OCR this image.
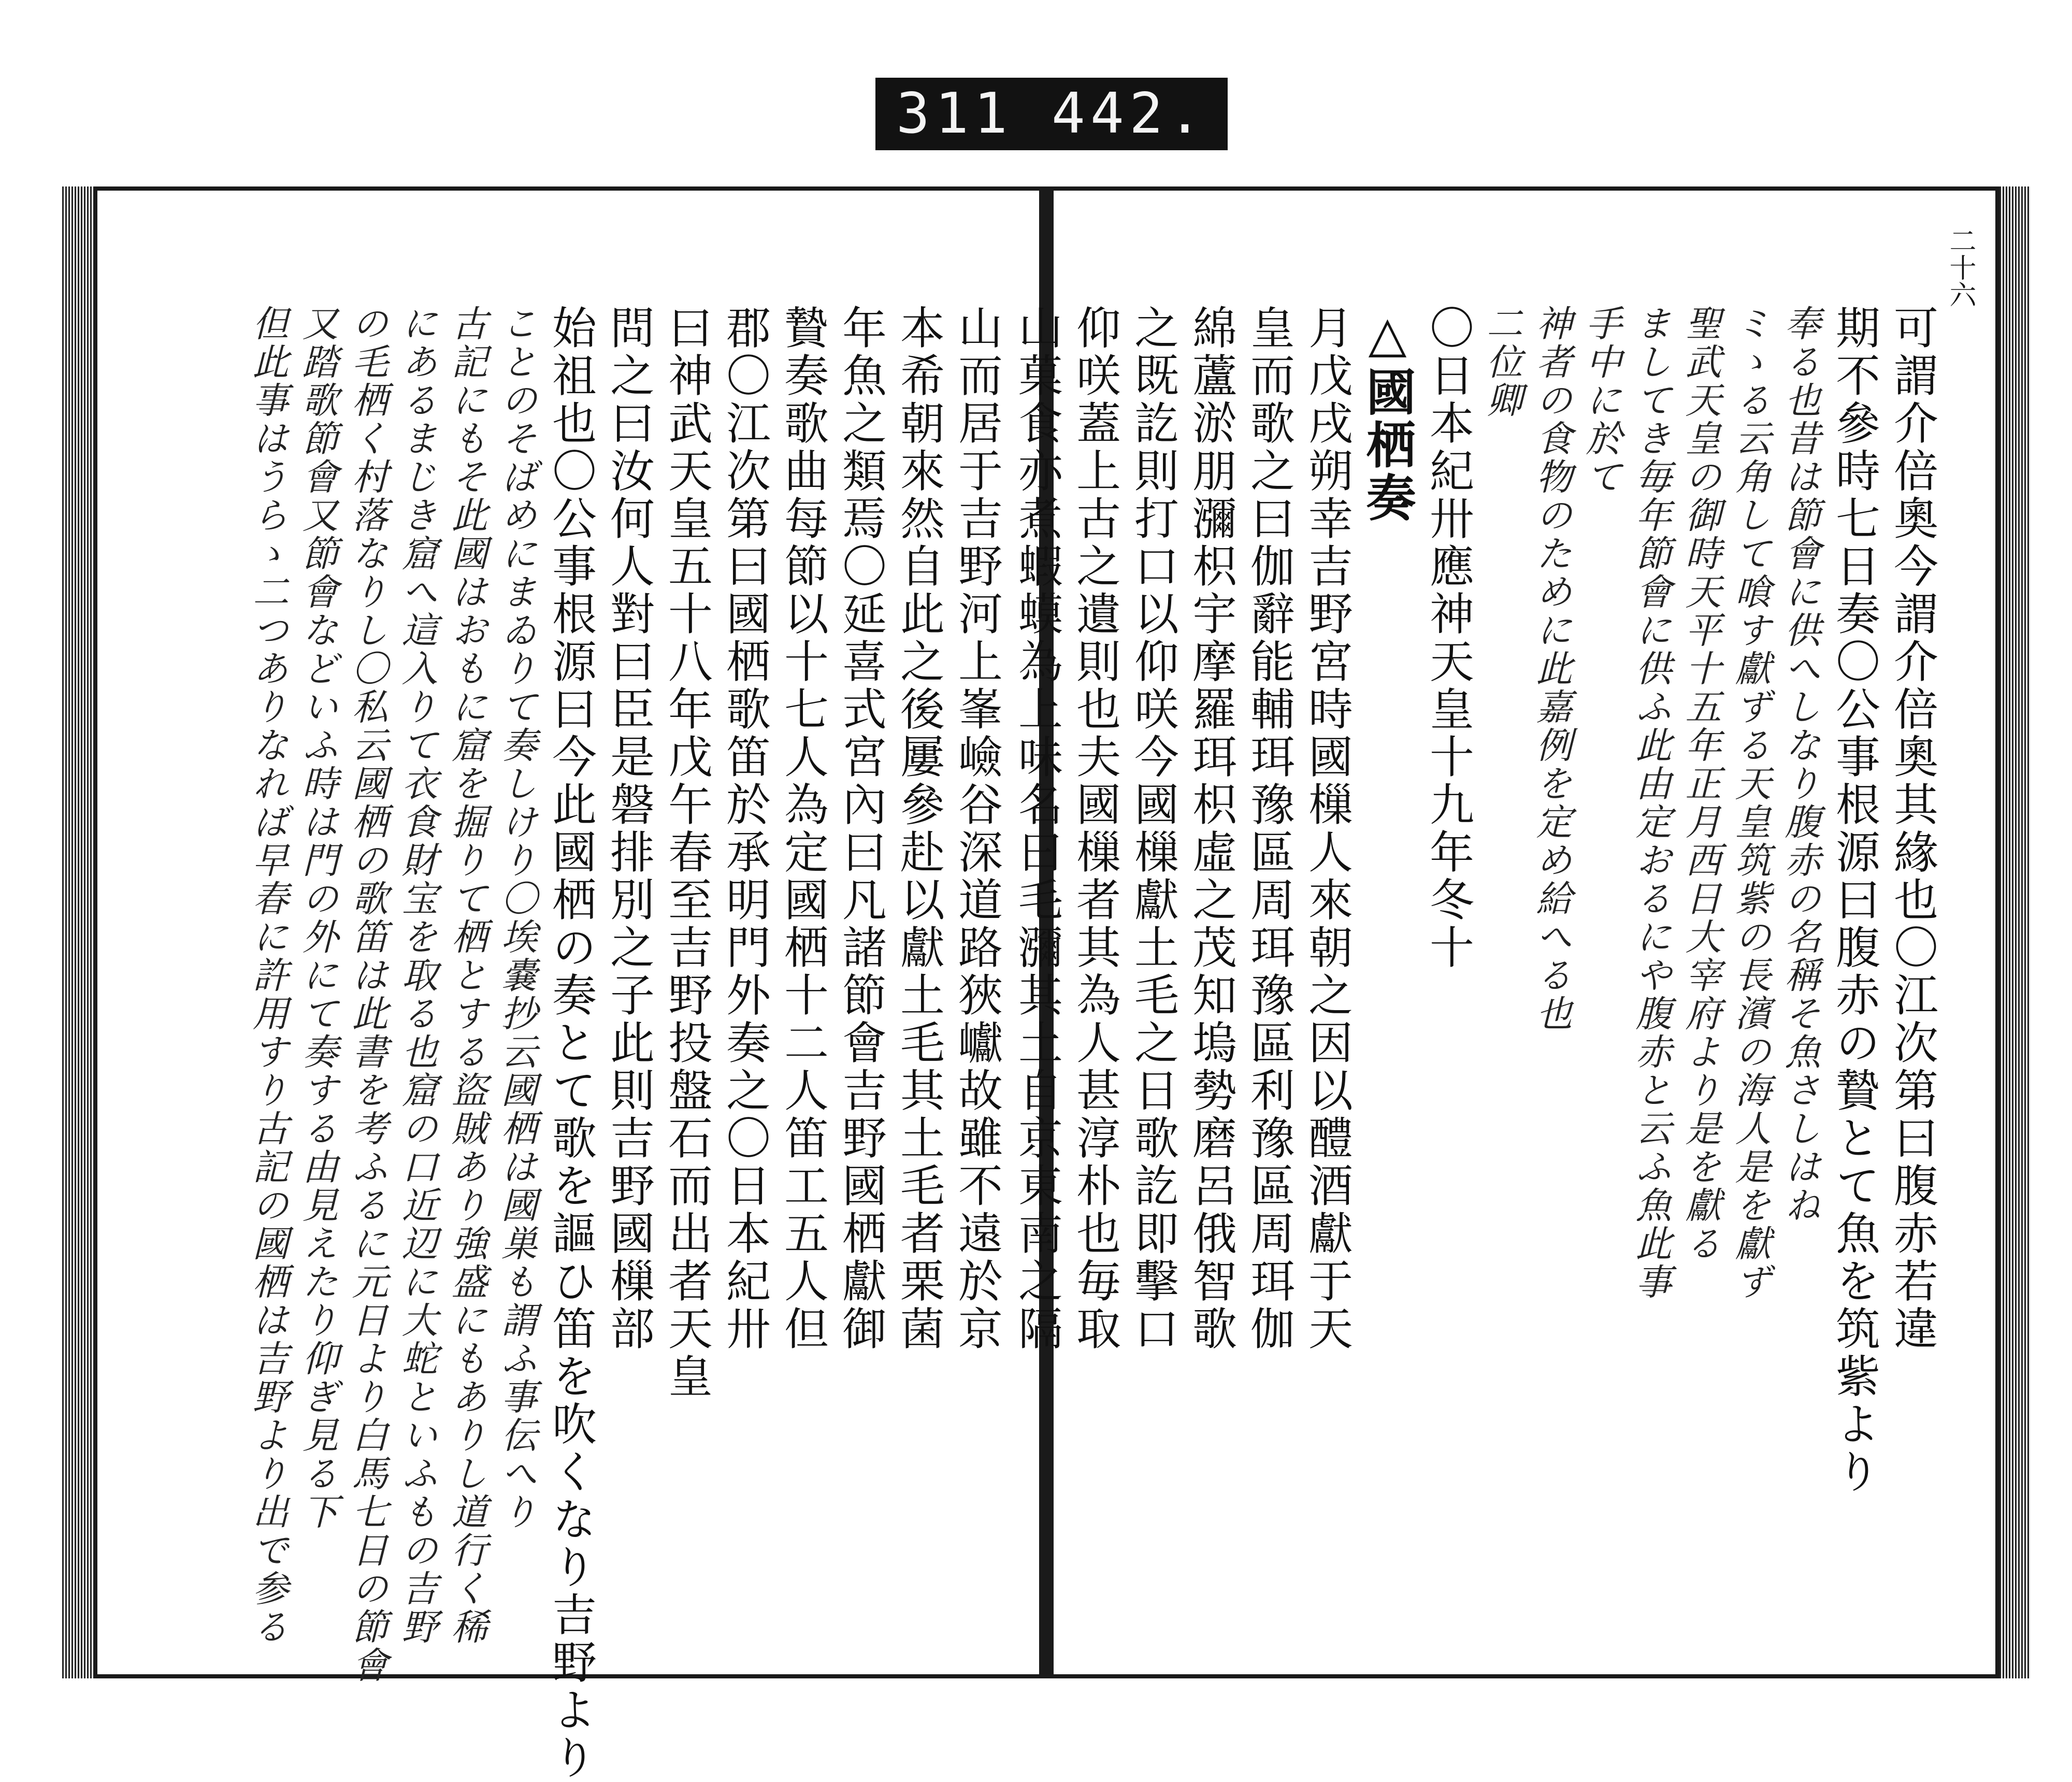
311 442.
山而居于吉野河上峯嶮谷深道路狹巘故雖不遠於京
本希朝來然自此之後屢參赴以獻土毛其土毛者栗菌
年魚之類焉〇延喜式宮內曰凡諸節會吉野國栖獻御
贄奏歌曲每節以十七人為定國栖十二人笛工五人但
郡〇江次第曰國栖歌笛於承明門外奏之〇日本紀卅
曰神武天皇五十八年戊午春至吉野投盤石而出者天皇
問之曰汝何人對曰臣是磐排別之子此則吉野國樔部
始祖也〇公事根源曰今此國栖の奏とて歌を謳ひ笛を吹くなり吉野より
ことのそばめにまゐりて奏しけり〇埃嚢抄云國栖は國巣も謂ふ事伝へり
古記にもそ此國はおもに窟を掘りて栖とする盜賊あり強盛にもありし道行く稀
にあるまじき窟へ這入りて衣食財宝を取る也窟の口近辺に大蛇といふもの吉野
の毛栖く村落なりし〇私云國栖の歌笛は此書を考ふるに元日より白馬七日の節會
又踏歌節會又節會などいふ時は門の外にて奏する由見えたり仰ぎ見る下
但此事はうらゝ二つありなれば早春に許用すり古記の國栖は吉野より出で参る
二十六
可謂介倍奧今謂介倍奧其緣也〇江次第曰腹赤若違
期不參時七日奏〇公事根源曰腹赤の贄とて魚を筑紫より
奉る也昔は節會に供へしなり腹赤の名稱そ魚さしはね
ミゝる云角して喰す獻ずる天皇筑紫の長濱の海人是を獻ず
聖武天皇の御時天平十五年正月西日大宰府より是を獻る
ましてき毎年節會に供ふ此由定おるにや腹赤と云ふ魚此事
手中に於て
神者の食物のために此嘉例を定め給へる也
二位卿
〇日本紀卅應神天皇十九年冬十
△國栖奏
月戊戌朔幸吉野宮時國樔人來朝之因以醴酒獻于天
皇而歌之曰伽辭能輔珥豫區周珥豫區利豫區周珥伽
綿蘆淤朋瀰枳宇摩羅珥枳虛之茂知塢勢磨呂俄智歌
之既訖則打口以仰咲今國樔獻土毛之日歌訖即擊口
仰咲蓋上古之遺則也夫國樔者其為人甚淳朴也毎取
山菓食亦煮蝦蟆為上味名曰毛瀰其土自京東南之隔
